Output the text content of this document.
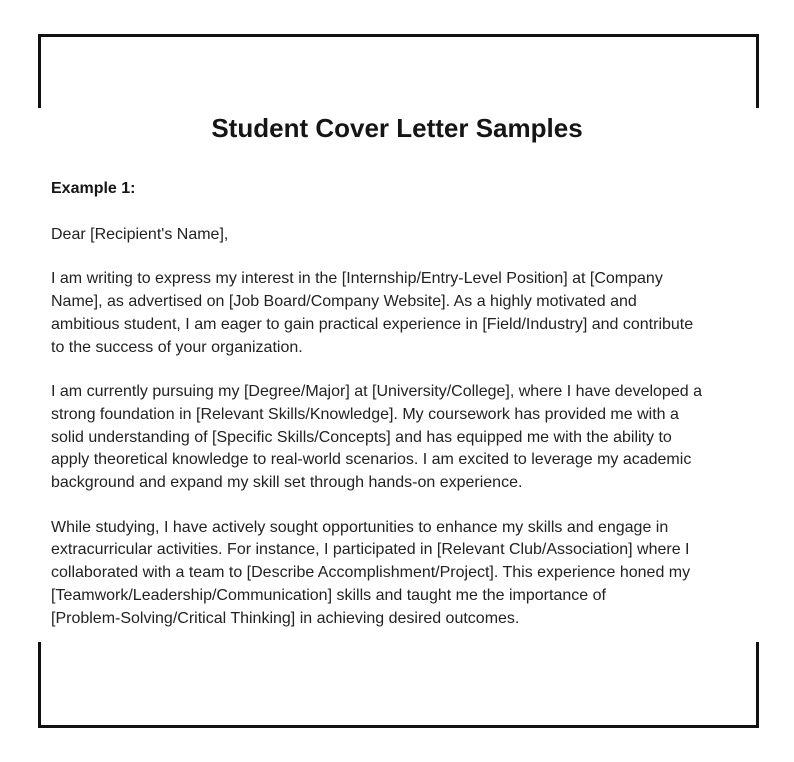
Student Cover Letter Samples

Example 1:

Dear [Recipient's Name],

I am writing to express my interest in the [Internship/Entry-Level Position] at [Company
Name], as advertised on [Job Board/Company Website]. As a highly motivated and
ambitious student, I am eager to gain practical experience in [Field/Industry] and contribute
to the success of your organization.

I am currently pursuing my [Degree/Major] at [University/College], where I have developed a
strong foundation in [Relevant Skills/Knowledge]. My coursework has provided me with a
solid understanding of [Specific Skills/Concepts] and has equipped me with the ability to
apply theoretical knowledge to real-world scenarios. I am excited to leverage my academic
background and expand my skill set through hands-on experience.

While studying, I have actively sought opportunities to enhance my skills and engage in
extracurricular activities. For instance, I participated in [Relevant Club/Association] where I
collaborated with a team to [Describe Accomplishment/Project]. This experience honed my
[Teamwork/Leadership/Communication] skills and taught me the importance of
[Problem-Solving/Critical Thinking] in achieving desired outcomes.
